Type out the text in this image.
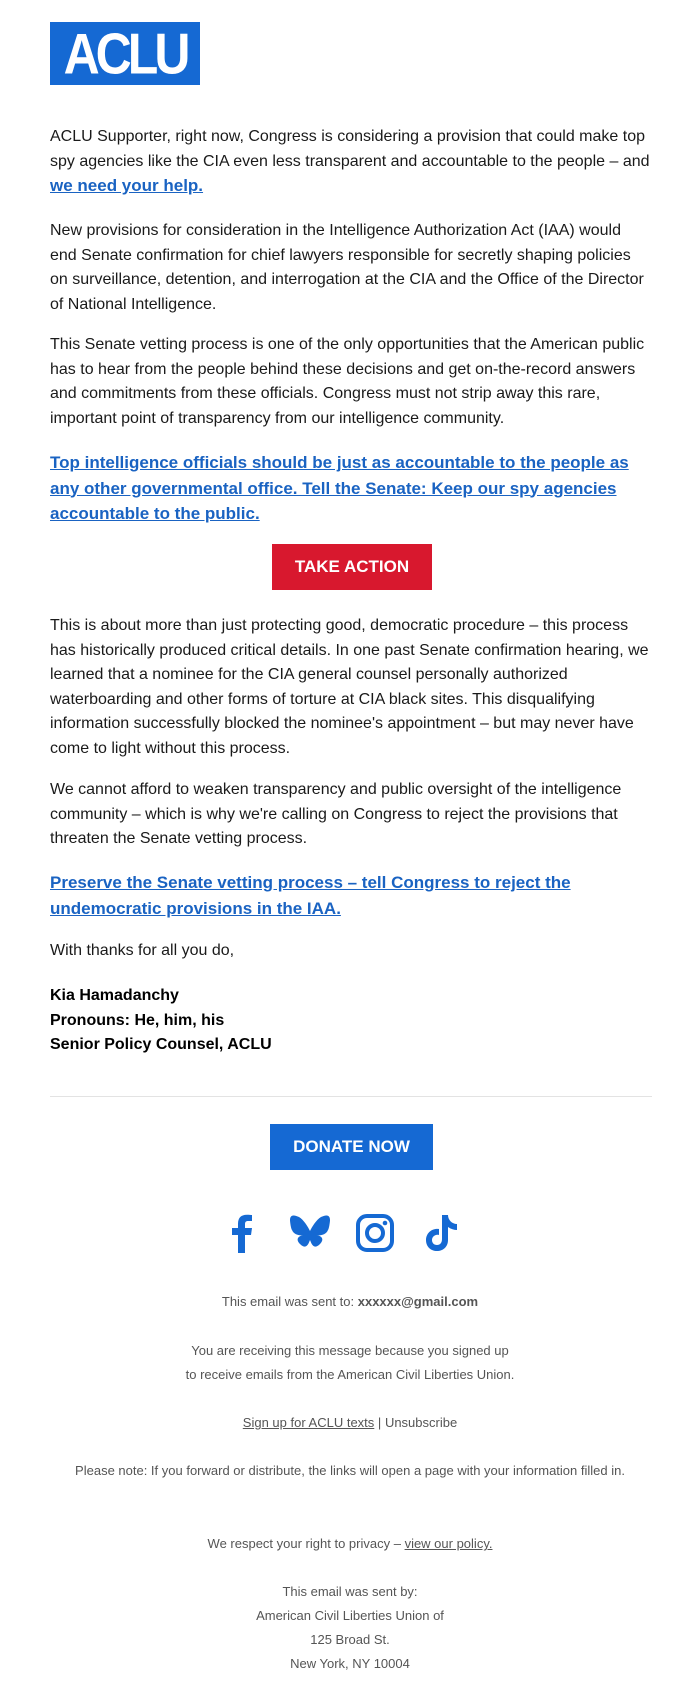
ACLU

ACLU Supporter, right now, Congress is considering a provision that could make top spy agencies like the CIA even less transparent and accountable to the people – and
we need your help.

New provisions for consideration in the Intelligence Authorization Act (IAA) would end Senate confirmation for chief lawyers responsible for secretly shaping policies on surveillance, detention, and interrogation at the CIA and the Office of the Director of National Intelligence.

This Senate vetting process is one of the only opportunities that the American public has to hear from the people behind these decisions and get on-the-record answers and commitments from these officials. Congress must not strip away this rare, important point of transparency from our intelligence community.

Top intelligence officials should be just as accountable to the people as any other governmental office. Tell the Senate: Keep our spy agencies accountable to the public.

TAKE ACTION

This is about more than just protecting good, democratic procedure – this process has historically produced critical details. In one past Senate confirmation hearing, we learned that a nominee for the CIA general counsel personally authorized waterboarding and other forms of torture at CIA black sites. This disqualifying information successfully blocked the nominee's appointment – but may never have come to light without this process.

We cannot afford to weaken transparency and public oversight of the intelligence community – which is why we're calling on Congress to reject the provisions that threaten the Senate vetting process.

Preserve the Senate vetting process – tell Congress to reject the undemocratic provisions in the IAA.

With thanks for all you do,

Kia Hamadanchy

Pronouns: He, him, his

Senior Policy Counsel, ACLU

DONATE NOW
This email was sent to: xxxxxx@gmail.com
You are receiving this message because you signed up
to receive emails from the American Civil Liberties Union.
Sign up for ACLU texts | Unsubscribe
Please note: If you forward or distribute, the links will open a page with your information filled in.
We respect your right to privacy – view our policy.
This email was sent by:
American Civil Liberties Union of
125 Broad St.
New York, NY 10004
